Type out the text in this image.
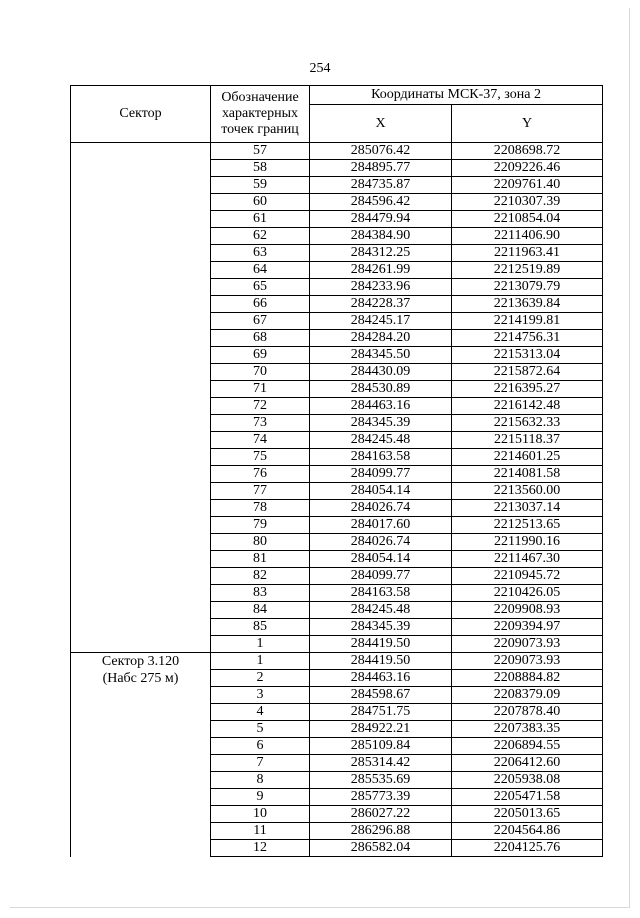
254
Сектор	Обозначение характерных точек границ	Координаты МСК-37, зона 2	
		X	Y
	57	285076.42	2208698.72
	58	284895.77	2209226.46
	59	284735.87	2209761.40
	60	284596.42	2210307.39
	61	284479.94	2210854.04
	62	284384.90	2211406.90
	63	284312.25	2211963.41
	64	284261.99	2212519.89
	65	284233.96	2213079.79
	66	284228.37	2213639.84
	67	284245.17	2214199.81
	68	284284.20	2214756.31
	69	284345.50	2215313.04
	70	284430.09	2215872.64
	71	284530.89	2216395.27
	72	284463.16	2216142.48
	73	284345.39	2215632.33
	74	284245.48	2215118.37
	75	284163.58	2214601.25
	76	284099.77	2214081.58
	77	284054.14	2213560.00
	78	284026.74	2213037.14
	79	284017.60	2212513.65
	80	284026.74	2211990.16
	81	284054.14	2211467.30
	82	284099.77	2210945.72
	83	284163.58	2210426.05
	84	284245.48	2209908.93
	85	284345.39	2209394.97
	1	284419.50	2209073.93

Сектор 3.120
(Набс 275 м)	1	284419.50	2209073.93
	2	284463.16	2208884.82
	3	284598.67	2208379.09
	4	284751.75	2207878.40
	5	284922.21	2207383.35
	6	285109.84	2206894.55
	7	285314.42	2206412.60
	8	285535.69	2205938.08
	9	285773.39	2205471.58
	10	286027.22	2205013.65
	11	286296.88	2204564.86
	12	286582.04	2204125.76
